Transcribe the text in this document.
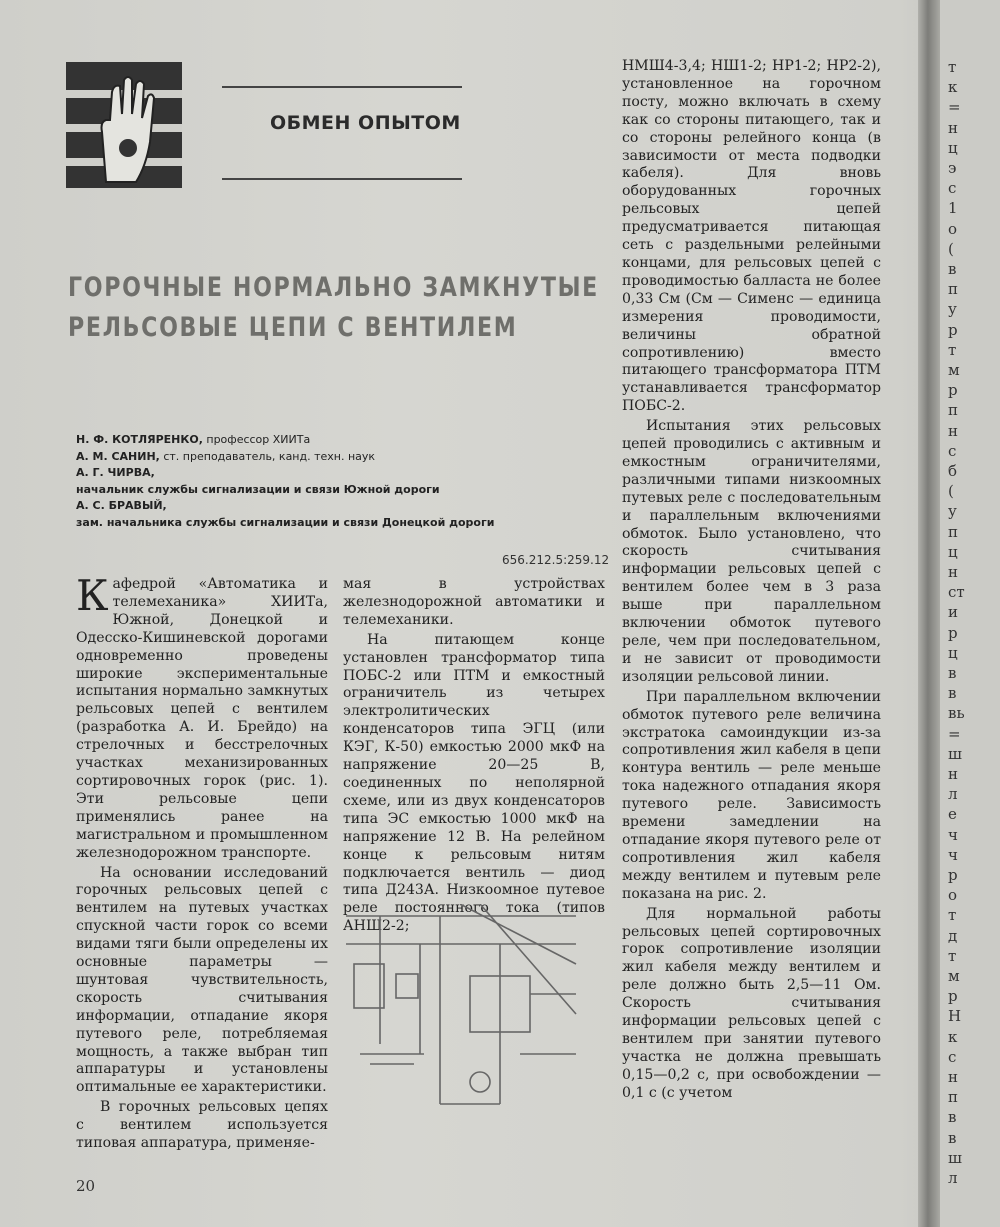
ОБМЕН ОПЫТОМ
ГОРОЧНЫЕ НОРМАЛЬНО ЗАМКНУТЫЕ
РЕЛЬСОВЫЕ ЦЕПИ С ВЕНТИЛЕМ
Н. Ф. КОТЛЯРЕНКО, профессор ХИИТа
А. М. САНИН, ст. преподаватель, канд. техн. наук
А. Г. ЧИРВА,
начальник службы сигнализации и связи Южной дороги
А. С. БРАВЫЙ,
зам. начальника службы сигнализации и связи Донецкой дороги
656.212.5:259.12

Кафедрой «Автоматика и телемеханика» ХИИТа, Южной, Донецкой и Одесско-Кишиневской дорогами одновременно проведены широкие экспериментальные испытания нормально замкнутых рельсовых цепей с вентилем (разработка А. И. Брейдо) на стрелочных и бесстрелочных участках механизированных сортировочных горок (рис. 1). Эти рельсовые цепи применялись ранее на магистральном и промышленном железнодорожном транспорте.

На основании исследований горочных рельсовых цепей с вентилем на путевых участках спускной части горок со всеми видами тяги были определены их основные параметры — шунтовая чувствительность, скорость считывания информации, отпадание якоря путевого реле, потребляемая мощность, а также выбран тип аппаратуры и установлены оптимальные ее характеристики.

В горочных рельсовых цепях с вентилем используется типовая аппаратура, применяе-

мая в устройствах железнодорожной автоматики и телемеханики.

На питающем конце установлен трансформатор типа ПОБС-2 или ПТМ и емкостный ограничитель из четырех электролитических конденсаторов типа ЭГЦ (или КЭГ, К-50) емкостью 2000 мкФ на напряжение 20—25 В, соединенных по неполярной схеме, или из двух конденсаторов типа ЭС емкостью 1000 мкФ на напряжение 12 В. На релейном конце к рельсовым нитям подключается вентиль — диод типа Д243А. Низкоомное путевое реле постоянного тока (типов АНШ2-2;

НМШ4-3,4; НШ1-2; НР1-2; НР2-2), установленное на горочном посту, можно включать в схему как со стороны питающего, так и со стороны релейного конца (в зависимости от места подводки кабеля). Для вновь оборудованных горочных рельсовых цепей предусматривается питающая сеть с раздельными релейными концами, для рельсовых цепей с проводимостью балласта не более 0,33 См (См — Сименс — единица измерения проводимости, величины обратной сопротивлению) вместо питающего трансформатора ПТМ устанавливается трансформатор ПОБС-2.

Испытания этих рельсовых цепей проводились с активным и емкостным ограничителями, различными типами низкоомных путевых реле с последовательным и параллельным включениями обмоток. Было установлено, что скорость считывания информации рельсовых цепей с вентилем более чем в 3 раза выше при параллельном включении обмоток путевого реле, чем при последовательном, и не зависит от проводимости изоляции рельсовой линии.

При параллельном включении обмоток путевого реле величина экстратока самоиндукции из-за сопротивления жил кабеля в цепи контура вентиль — реле меньше тока надежного отпадания якоря путевого реле. Зависимость времени замедлении на отпадание якоря путевого реле от сопротивления жил кабеля между вентилем и путевым реле показана на рис. 2.

Для нормальной работы рельсовых цепей сортировочных горок сопротивление изоляции жил кабеля между вентилем и реле должно быть 2,5—11 Ом. Скорость считывания информации рельсовых цепей с вентилем при занятии путевого участка не должна превышать 0,15—0,2 с, при освобождении — 0,1 с (с учетом

20
т
к
=
н
ц
э
с
1
о
(
в
п
у
р
т
м
р
п
н
с
б
(
у
п
ц
н
ст
и
р
ц
в
в
вь
=
ш
н
л
е
ч
ч
р
о
т
д
т
м
р
Н
к
с
н
п
в
в
ш
л
